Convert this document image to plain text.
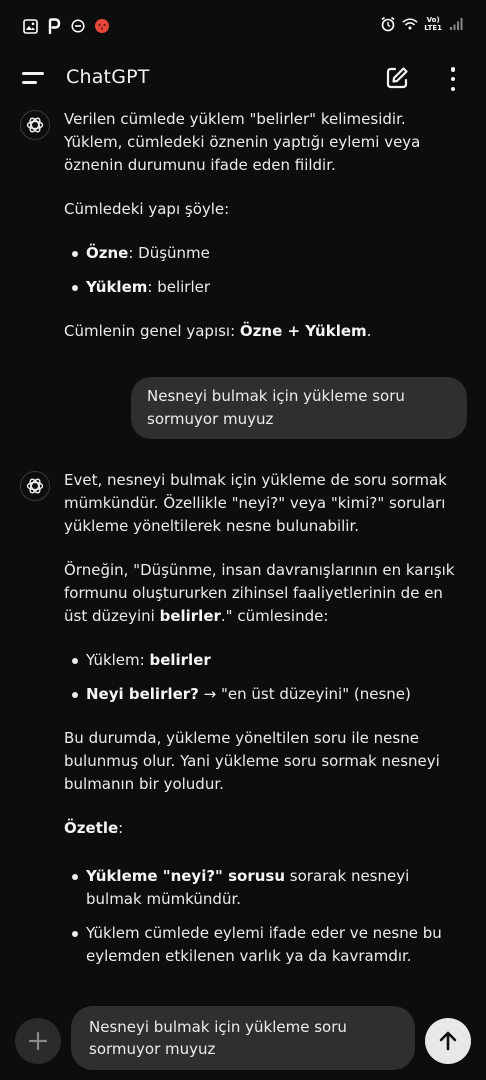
Vo)
LTE1
ChatGPT

Verilen cümlede yüklem "belirler" kelimesidir. Yüklem, cümledeki öznenin yaptığı eylemi veya öznenin durumunu ifade eden fiildir.

Cümledeki yapı şöyle:

Özne: Düşünme
Yüklem: belirler

Cümlenin genel yapısı: Özne + Yüklem.

Nesneyi bulmak için yükleme soru sormuyor muyuz

Evet, nesneyi bulmak için yükleme de soru sormak mümkündür. Özellikle "neyi?" veya "kimi?" soruları yükleme yöneltilerek nesne bulunabilir.

Örneğin, "Düşünme, insan davranışlarının en karışık formunu oluştururken zihinsel faaliyetlerinin de en üst düzeyini belirler." cümlesinde:

Yüklem: belirler
Neyi belirler? → "en üst düzeyini" (nesne)

Bu durumda, yükleme yöneltilen soru ile nesne bulunmuş olur. Yani yükleme soru sormak nesneyi bulmanın bir yoludur.

Özetle:

Yükleme "neyi?" sorusu sorarak nesneyi bulmak mümkündür.
Yüklem cümlede eylemi ifade eder ve nesne bu eylemden etkilenen varlık ya da kavramdır.
Nesneyi bulmak için yükleme soru sormuyor muyuz
